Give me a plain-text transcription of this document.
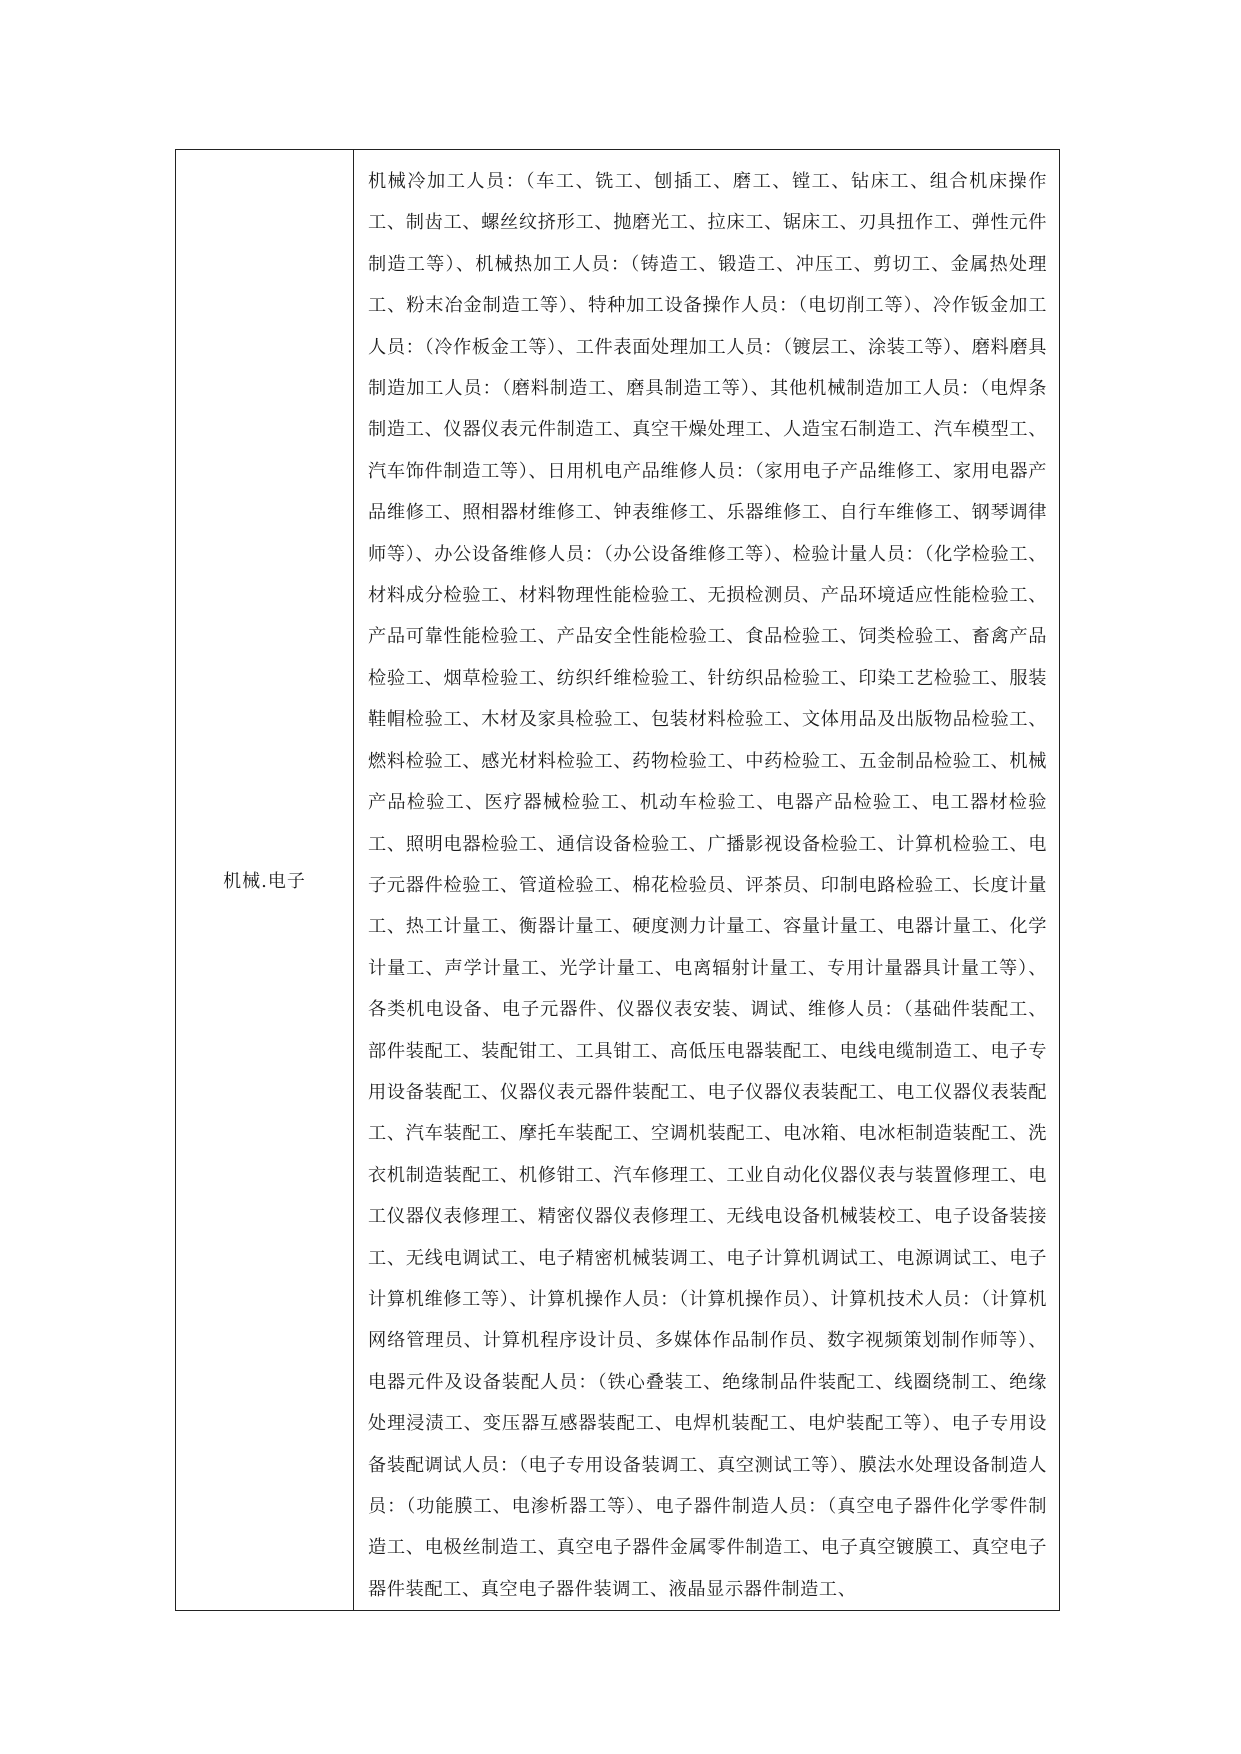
机械.电子	

机械冷加工人员：（车工、铣工、刨插工、磨工、镗工、钻床工、组合机床操作工、制齿工、螺丝纹挤形工、抛磨光工、拉床工、锯床工、刃具扭作工、弹性元件制造工等）、机械热加工人员：（铸造工、锻造工、冲压工、剪切工、金属热处理工、粉末冶金制造工等）、特种加工设备操作人员：（电切削工等）、冷作钣金加工人员：（冷作板金工等）、工件表面处理加工人员：（镀层工、涂装工等）、磨料磨具制造加工人员：（磨料制造工、磨具制造工等）、其他机械制造加工人员：（电焊条制造工、仪器仪表元件制造工、真空干燥处理工、人造宝石制造工、汽车模型工、汽车饰件制造工等）、日用机电产品维修人员：（家用电子产品维修工、家用电器产品维修工、照相器材维修工、钟表维修工、乐器维修工、自行车维修工、钢琴调律师等）、办公设备维修人员：（办公设备维修工等）、检验计量人员：（化学检验工、材料成分检验工、材料物理性能检验工、无损检测员、产品环境适应性能检验工、产品可靠性能检验工、产品安全性能检验工、食品检验工、饲类检验工、畜禽产品检验工、烟草检验工、纺织纤维检验工、针纺织品检验工、印染工艺检验工、服装鞋帽检验工、木材及家具检验工、包装材料检验工、文体用品及出版物品检验工、燃料检验工、感光材料检验工、药物检验工、中药检验工、五金制品检验工、机械产品检验工、医疗器械检验工、机动车检验工、电器产品检验工、电工器材检验工、照明电器检验工、通信设备检验工、广播影视设备检验工、计算机检验工、电子元器件检验工、管道检验工、棉花检验员、评茶员、印制电路检验工、长度计量工、热工计量工、衡器计量工、硬度测力计量工、容量计量工、电器计量工、化学计量工、声学计量工、光学计量工、电离辐射计量工、专用计量器具计量工等）、各类机电设备、电子元器件、仪器仪表安装、调试、维修人员：（基础件装配工、部件装配工、装配钳工、工具钳工、高低压电器装配工、电线电缆制造工、电子专用设备装配工、仪器仪表元器件装配工、电子仪器仪表装配工、电工仪器仪表装配工、汽车装配工、摩托车装配工、空调机装配工、电冰箱、电冰柜制造装配工、洗衣机制造装配工、机修钳工、汽车修理工、工业自动化仪器仪表与装置修理工、电工仪器仪表修理工、精密仪器仪表修理工、无线电设备机械装校工、电子设备装接工、无线电调试工、电子精密机械装调工、电子计算机调试工、电源调试工、电子计算机维修工等）、计算机操作人员：（计算机操作员）、计算机技术人员：（计算机网络管理员、计算机程序设计员、多媒体作品制作员、数字视频策划制作师等）、电器元件及设备装配人员：（铁心叠装工、绝缘制品件装配工、线圈绕制工、绝缘处理浸渍工、变压器互感器装配工、电焊机装配工、电炉装配工等）、电子专用设备装配调试人员：（电子专用设备装调工、真空测试工等）、膜法水处理设备制造人员：（功能膜工、电渗析器工等）、电子器件制造人员：（真空电子器件化学零件制造工、电极丝制造工、真空电子器件金属零件制造工、电子真空镀膜工、真空电子器件装配工、真空电子器件装调工、液晶显示器件制造工、
